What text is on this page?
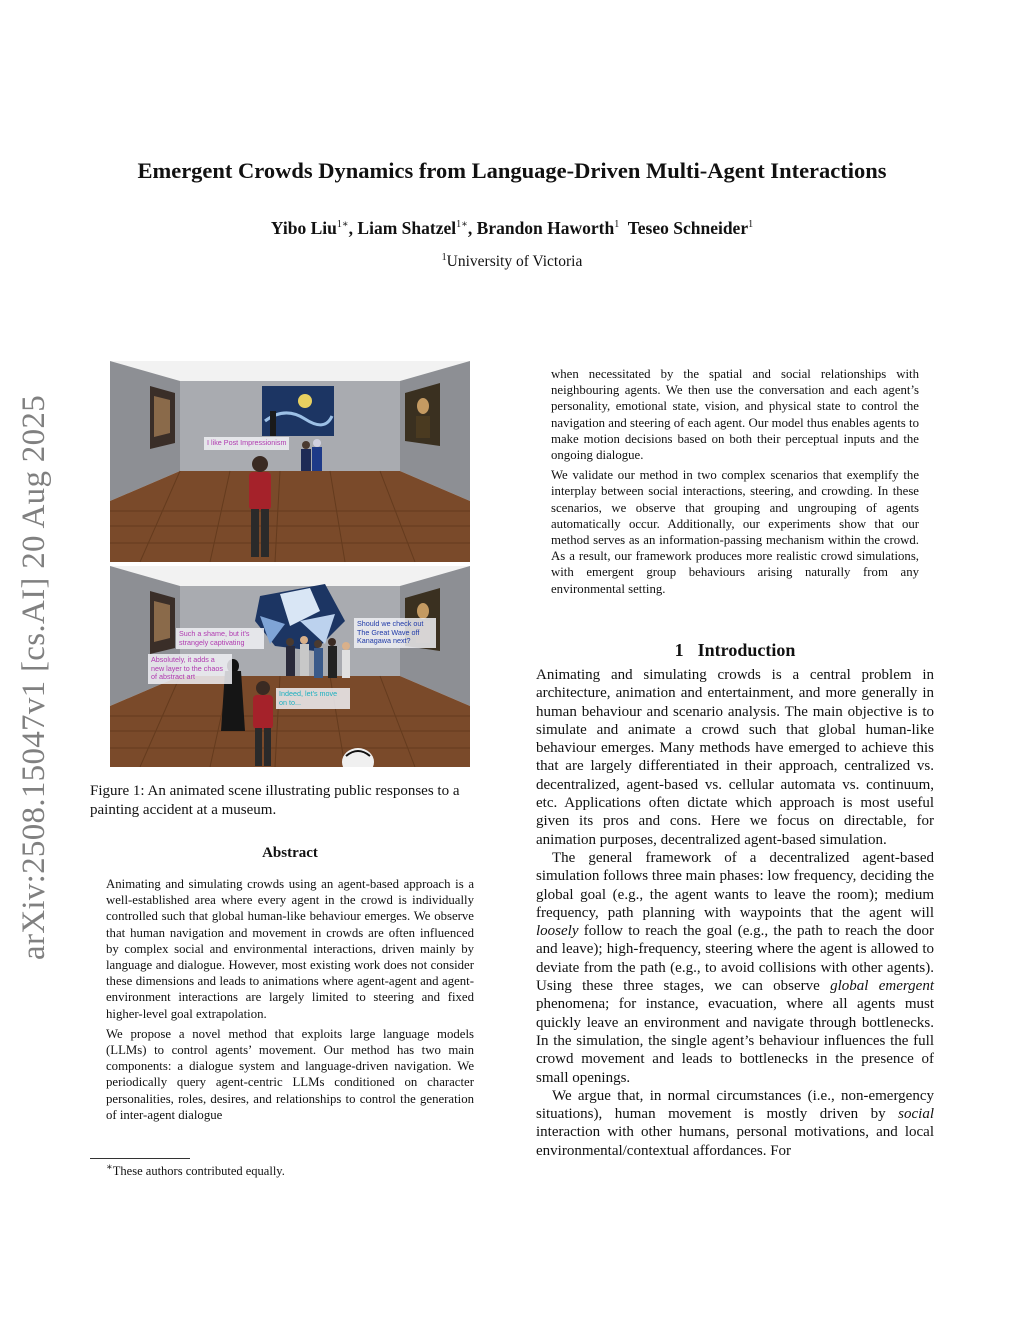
arXiv:2508.15047v1 [cs.AI] 20 Aug 2025
Emergent Crowds Dynamics from Language-Driven Multi-Agent Interactions
Yibo Liu$^{1∗}$, Liam Shatzel$^{1∗}$, Brandon Haworth$^1$ Teseo Schneider$^1$
$^1$University of Victoria
I like Post Impressionism
Such a shame, but it's strangely captivating
Absolutely, it adds a new layer to the chaos of abstract art
Should we check out The Great Wave off Kanagawa next?
Indeed, let's move on to...
Figure 1: An animated scene illustrating public responses to a painting accident at a museum.
Abstract

Animating and simulating crowds using an agent-based approach is a well-established area where every agent in the crowd is individually controlled such that global human-like behaviour emerges. We observe that human navigation and movement in crowds are often influenced by complex social and environmental interactions, driven mainly by language and dialogue. However, most existing work does not consider these dimensions and leads to animations where agent-agent and agent-environment interactions are largely limited to steering and fixed higher-level goal extrapolation.

We propose a novel method that exploits large language models (LLMs) to control agents’ movement. Our method has two main components: a dialogue system and language-driven navigation. We periodically query agent-centric LLMs conditioned on character personalities, roles, desires, and relationships to control the generation of inter-agent dialogue

∗These authors contributed equally.

when necessitated by the spatial and social relationships with neighbouring agents. We then use the conversation and each agent’s personality, emotional state, vision, and physical state to control the navigation and steering of each agent. Our model thus enables agents to make motion decisions based on both their perceptual inputs and the ongoing dialogue.

We validate our method in two complex scenarios that exemplify the interplay between social interactions, steering, and crowding. In these scenarios, we observe that grouping and ungrouping of agents automatically occur. Additionally, our experiments show that our method serves as an information-passing mechanism within the crowd. As a result, our framework produces more realistic crowd simulations, with emergent group behaviours arising naturally from any environmental setting.

1 Introduction

Animating and simulating crowds is a central problem in architecture, animation and entertainment, and more generally in human behaviour and scenario analysis. The main objective is to simulate and animate a crowd such that global human-like behaviour emerges. Many methods have emerged to achieve this that are largely differentiated in their approach, centralized vs. decentralized, agent-based vs. cellular automata vs. continuum, etc. Applications often dictate which approach is most useful given its pros and cons. Here we focus on directable, for animation purposes, decentralized agent-based simulation.

The general framework of a decentralized agent-based simulation follows three main phases: low frequency, deciding the global goal (e.g., the agent wants to leave the room); medium frequency, path planning with waypoints that the agent will loosely follow to reach the goal (e.g., the path to reach the door and leave); high-frequency, steering where the agent is allowed to deviate from the path (e.g., to avoid collisions with other agents). Using these three stages, we can observe global emergent phenomena; for instance, evacuation, where all agents must quickly leave an environment and navigate through bottlenecks. In the simulation, the single agent’s behaviour influences the full crowd movement and leads to bottlenecks in the presence of small openings.

We argue that, in normal circumstances (i.e., non-emergency situations), human movement is mostly driven by social interaction with other humans, personal motivations, and local environmental/contextual affordances. For
